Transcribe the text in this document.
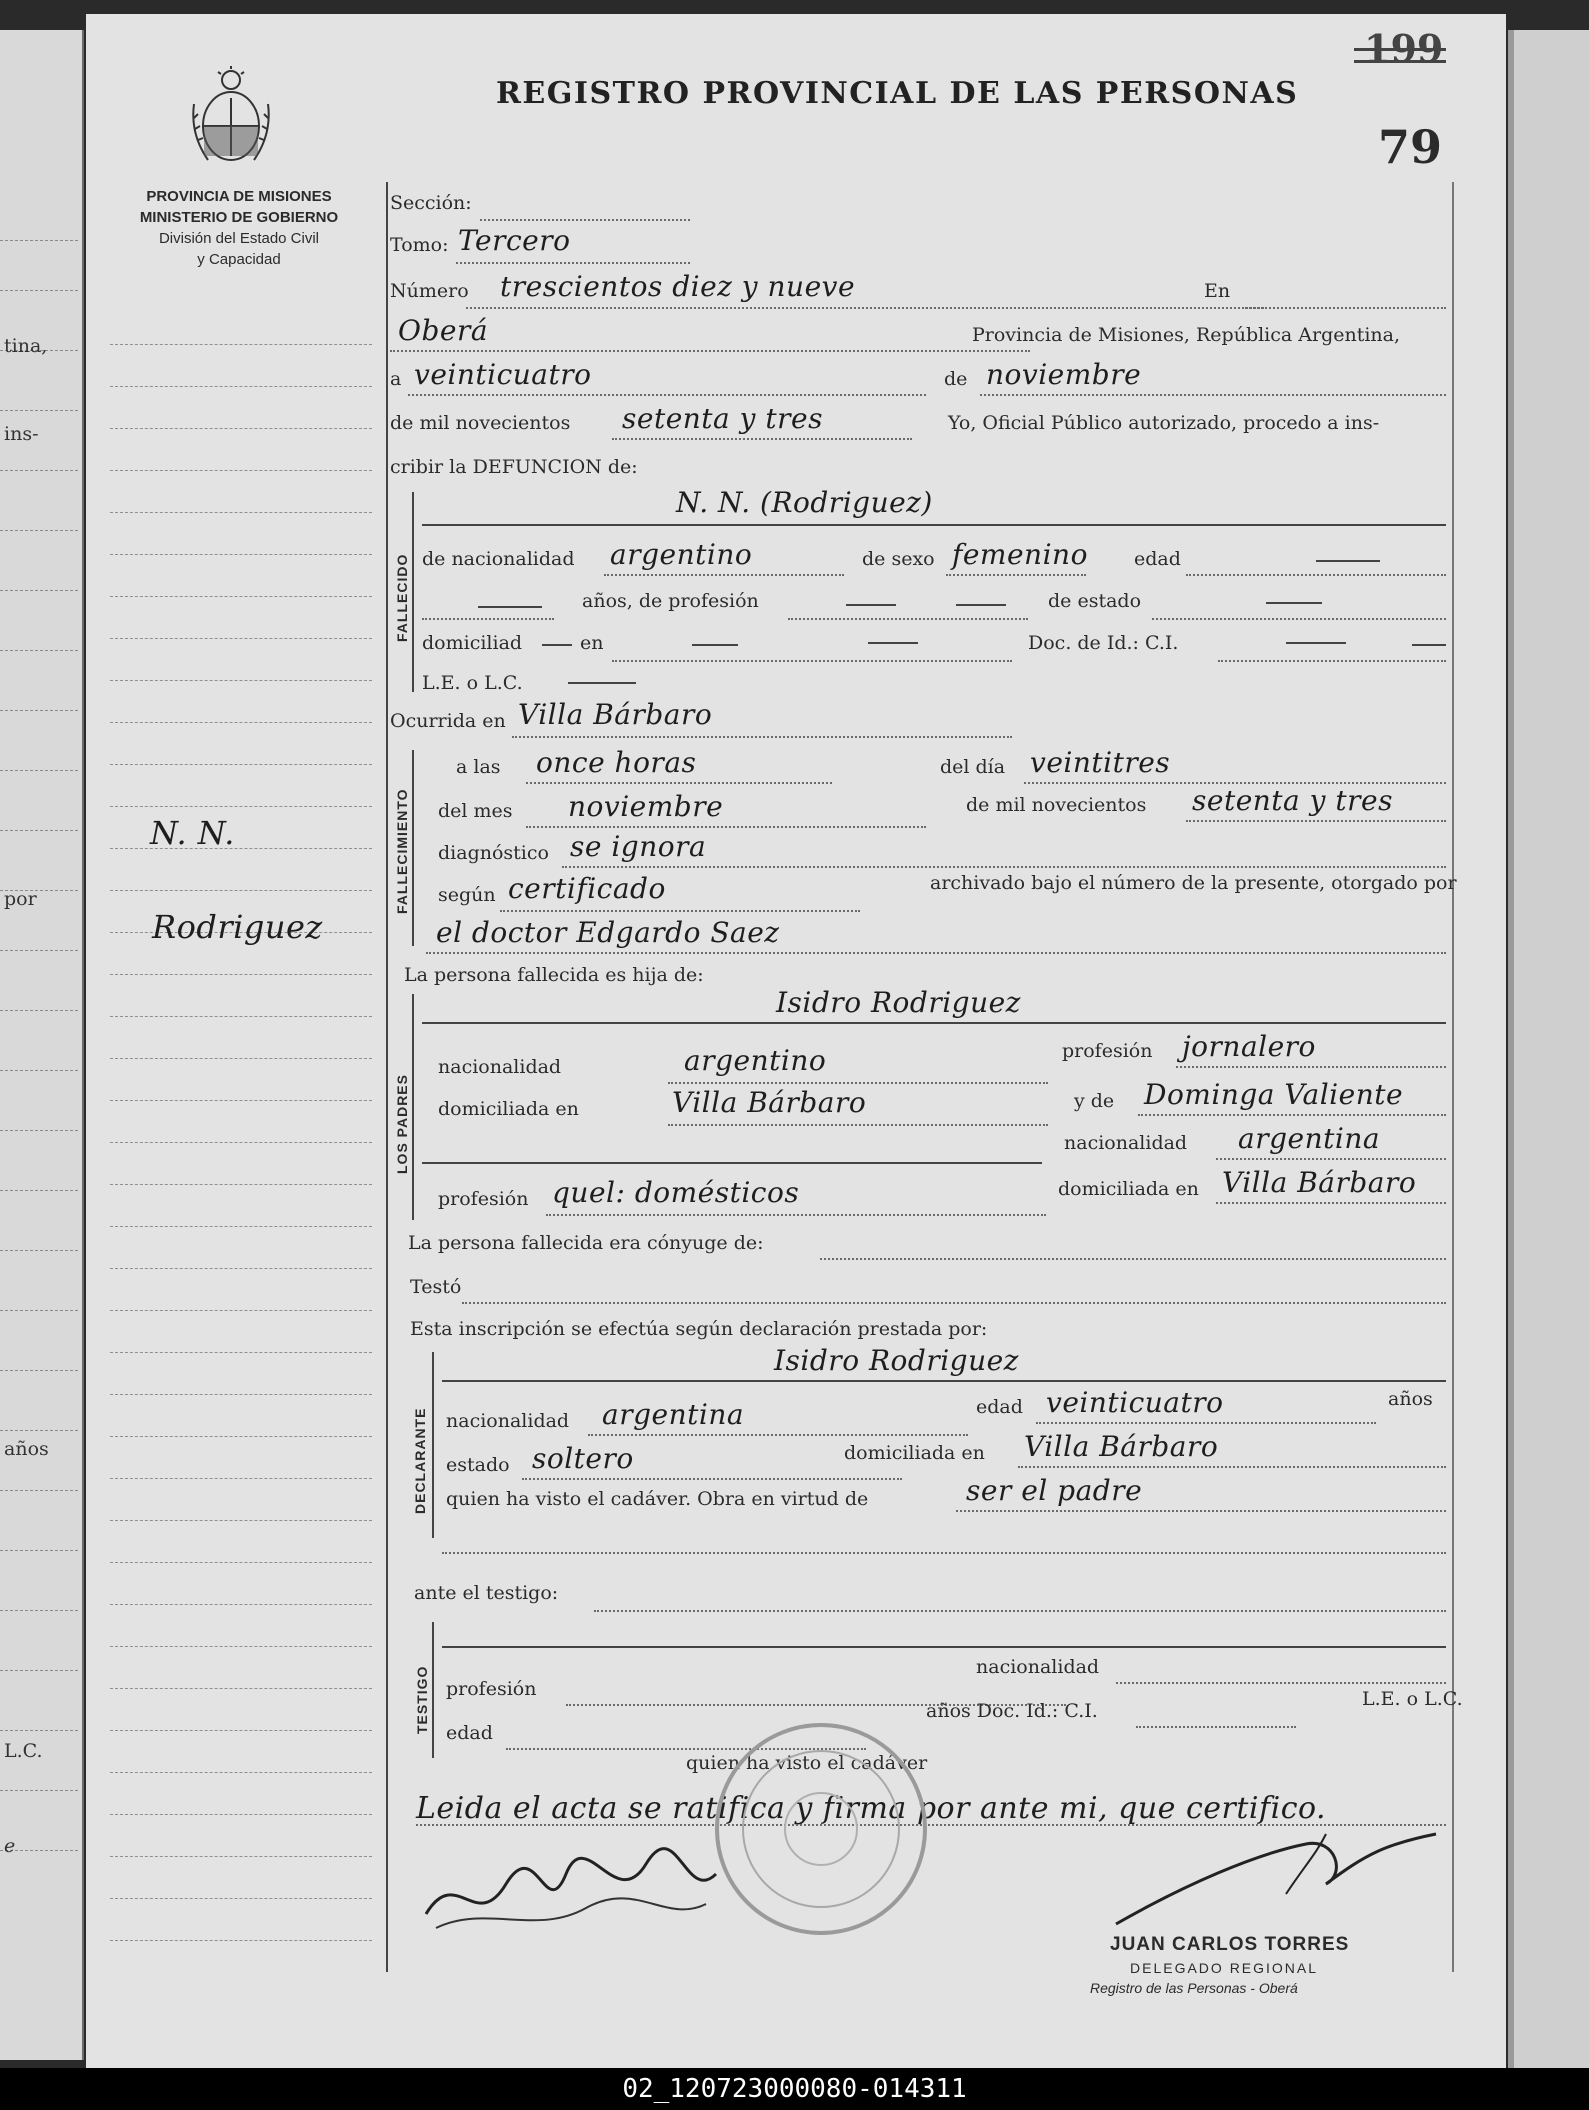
tina,
ins-
por
años
L.C.
e
REGISTRO PROVINCIAL DE LAS PERSONAS
199
79
PROVINCIA DE MISIONES
MINISTERIO DE GOBIERNO
División del Estado Civil
y Capacidad
N. N.
Rodriguez
Sección:
Tomo: Tercero
Número trescientos diez y nueve	En
Oberá	Provincia de Misiones, República Argentina,
a veinticuatro	de noviembre
de mil novecientos setenta y tres	Yo, Oficial Público autorizado, procedo a ins-
cribir la DEFUNCION de:
FALLECIDO
N. N. (Rodriguez)
de nacionalidad argentino	de sexo femenino edad
años, de profesión	de estado
domiciliad	en	Doc. de Id.: C.I.
L.E. o L.C.
Ocurrida en Villa Bárbaro
FALLECIMIENTO
a las once horas	del día veintitres
del mes noviembre	de mil novecientos setenta y tres
diagnóstico se ignora
según certificado	archivado bajo el número de la presente, otorgado por
el doctor Edgardo Saez
La persona fallecida es hija de:
LOS PADRES
Isidro Rodriguez
nacionalidad	argentino	profesión jornalero
domiciliada en	Villa Bárbaro	y de Dominga Valiente
nacionalidad argentina
profesión quel: domésticos	domiciliada en Villa Bárbaro
La persona fallecida era cónyuge de:
Testó
Esta inscripción se efectúa según declaración prestada por:
DECLARANTE
Isidro Rodriguez
nacionalidad argentina	edad veinticuatro	años
estado soltero	domiciliada en Villa Bárbaro
quien ha visto el cadáver. Obra en virtud de	ser el padre
ante el testigo:
TESTIGO	nacionalidad
profesión
edad
años Doc. Id.: C.I.
L.E. o L.C.
quien ha visto el cadáver
Leida el acta se ratifica y firma por ante mi, que certifico.
JUAN CARLOS TORRES
DELEGADO REGIONAL
Registro de las Personas - Oberá
02_120723000080-014311
